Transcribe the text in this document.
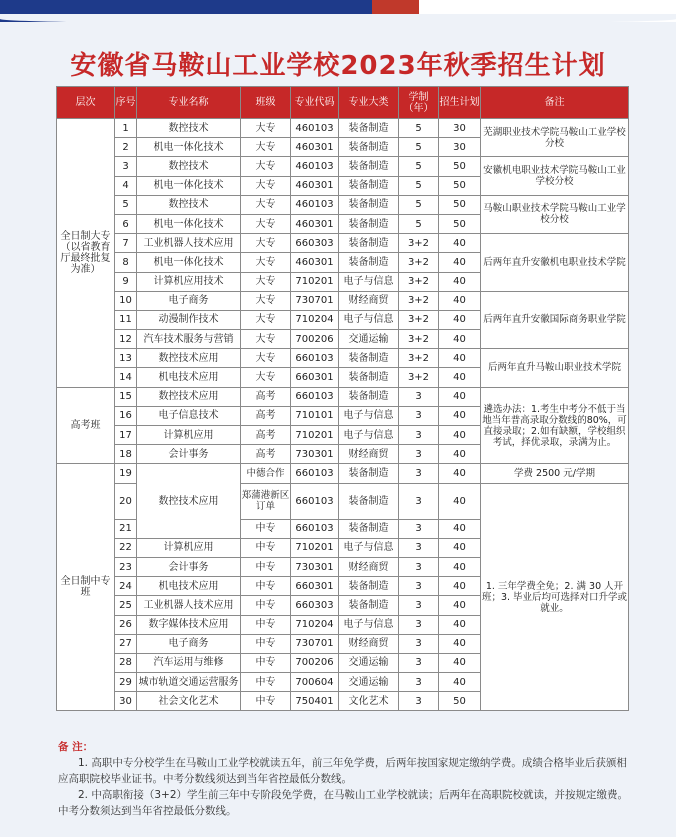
安徽省马鞍山工业学校2023年秋季招生计划
层次	序号	专业名称	班级	专业代码	专业大类	学制（年）	招生计划	备注
全日制大专（以省教育厅最终批复为准）	1	数控技术	大专	460103	装备制造	5	30	芜湖职业技术学院马鞍山工业学校分校
	2	机电一体化技术	大专	460301	装备制造	5	30	
	3	数控技术	大专	460103	装备制造	5	50	安徽机电职业技术学院马鞍山工业学校分校
	4	机电一体化技术	大专	460301	装备制造	5	50	
	5	数控技术	大专	460103	装备制造	5	50	马鞍山职业技术学院马鞍山工业学校分校
	6	机电一体化技术	大专	460301	装备制造	5	50	
	7	工业机器人技术应用	大专	660303	装备制造	3+2	40	后两年直升安徽机电职业技术学院
	8	机电一体化技术	大专	460301	装备制造	3+2	40	
	9	计算机应用技术	大专	710201	电子与信息	3+2	40	
	10	电子商务	大专	730701	财经商贸	3+2	40	后两年直升安徽国际商务职业学院
	11	动漫制作技术	大专	710204	电子与信息	3+2	40	
	12	汽车技术服务与营销	大专	700206	交通运输	3+2	40	
	13	数控技术应用	大专	660103	装备制造	3+2	40	后两年直升马鞍山职业技术学院
	14	机电技术应用	大专	660301	装备制造	3+2	40	
高考班	15	数控技术应用	高考	660103	装备制造	3	40	遴选办法：1.考生中考分不低于当地当年普高录取分数线的80%，可直接录取；2.如有缺额，学校组织考试，择优录取，录满为止。
	16	电子信息技术	高考	710101	电子与信息	3	40	
	17	计算机应用	高考	710201	电子与信息	3	40	
	18	会计事务	高考	730301	财经商贸	3	40	
全日制中专班	19	数控技术应用	中德合作	660103	装备制造	3	40	学费 2500 元/学期
	20		郑蒲港新区订单	660103	装备制造	3	40	1. 三年学费全免；2. 满 30 人开班；3. 毕业后均可选择对口升学或就业。
	21		中专	660103	装备制造	3	40	
	22	计算机应用	中专	710201	电子与信息	3	40	
	23	会计事务	中专	730301	财经商贸	3	40	
	24	机电技术应用	中专	660301	装备制造	3	40	
	25	工业机器人技术应用	中专	660303	装备制造	3	40	
	26	数字媒体技术应用	中专	710204	电子与信息	3	40	
	27	电子商务	中专	730701	财经商贸	3	40	
	28	汽车运用与维修	中专	700206	交通运输	3	40	
	29	城市轨道交通运营服务	中专	700604	交通运输	3	40	
	30	社会文化艺术	中专	750401	文化艺术	3	50	
备 注：

1. 高职中专分校学生在马鞍山工业学校就读五年，前三年免学费，后两年按国家规定缴纳学费。成绩合格毕业后获颁相应高职院校毕业证书。中考分数线须达到当年省控最低分数线。

2. 中高职衔接（3+2）学生前三年中专阶段免学费，在马鞍山工业学校就读；后两年在高职院校就读，并按规定缴费。中考分数须达到当年省控最低分数线。
